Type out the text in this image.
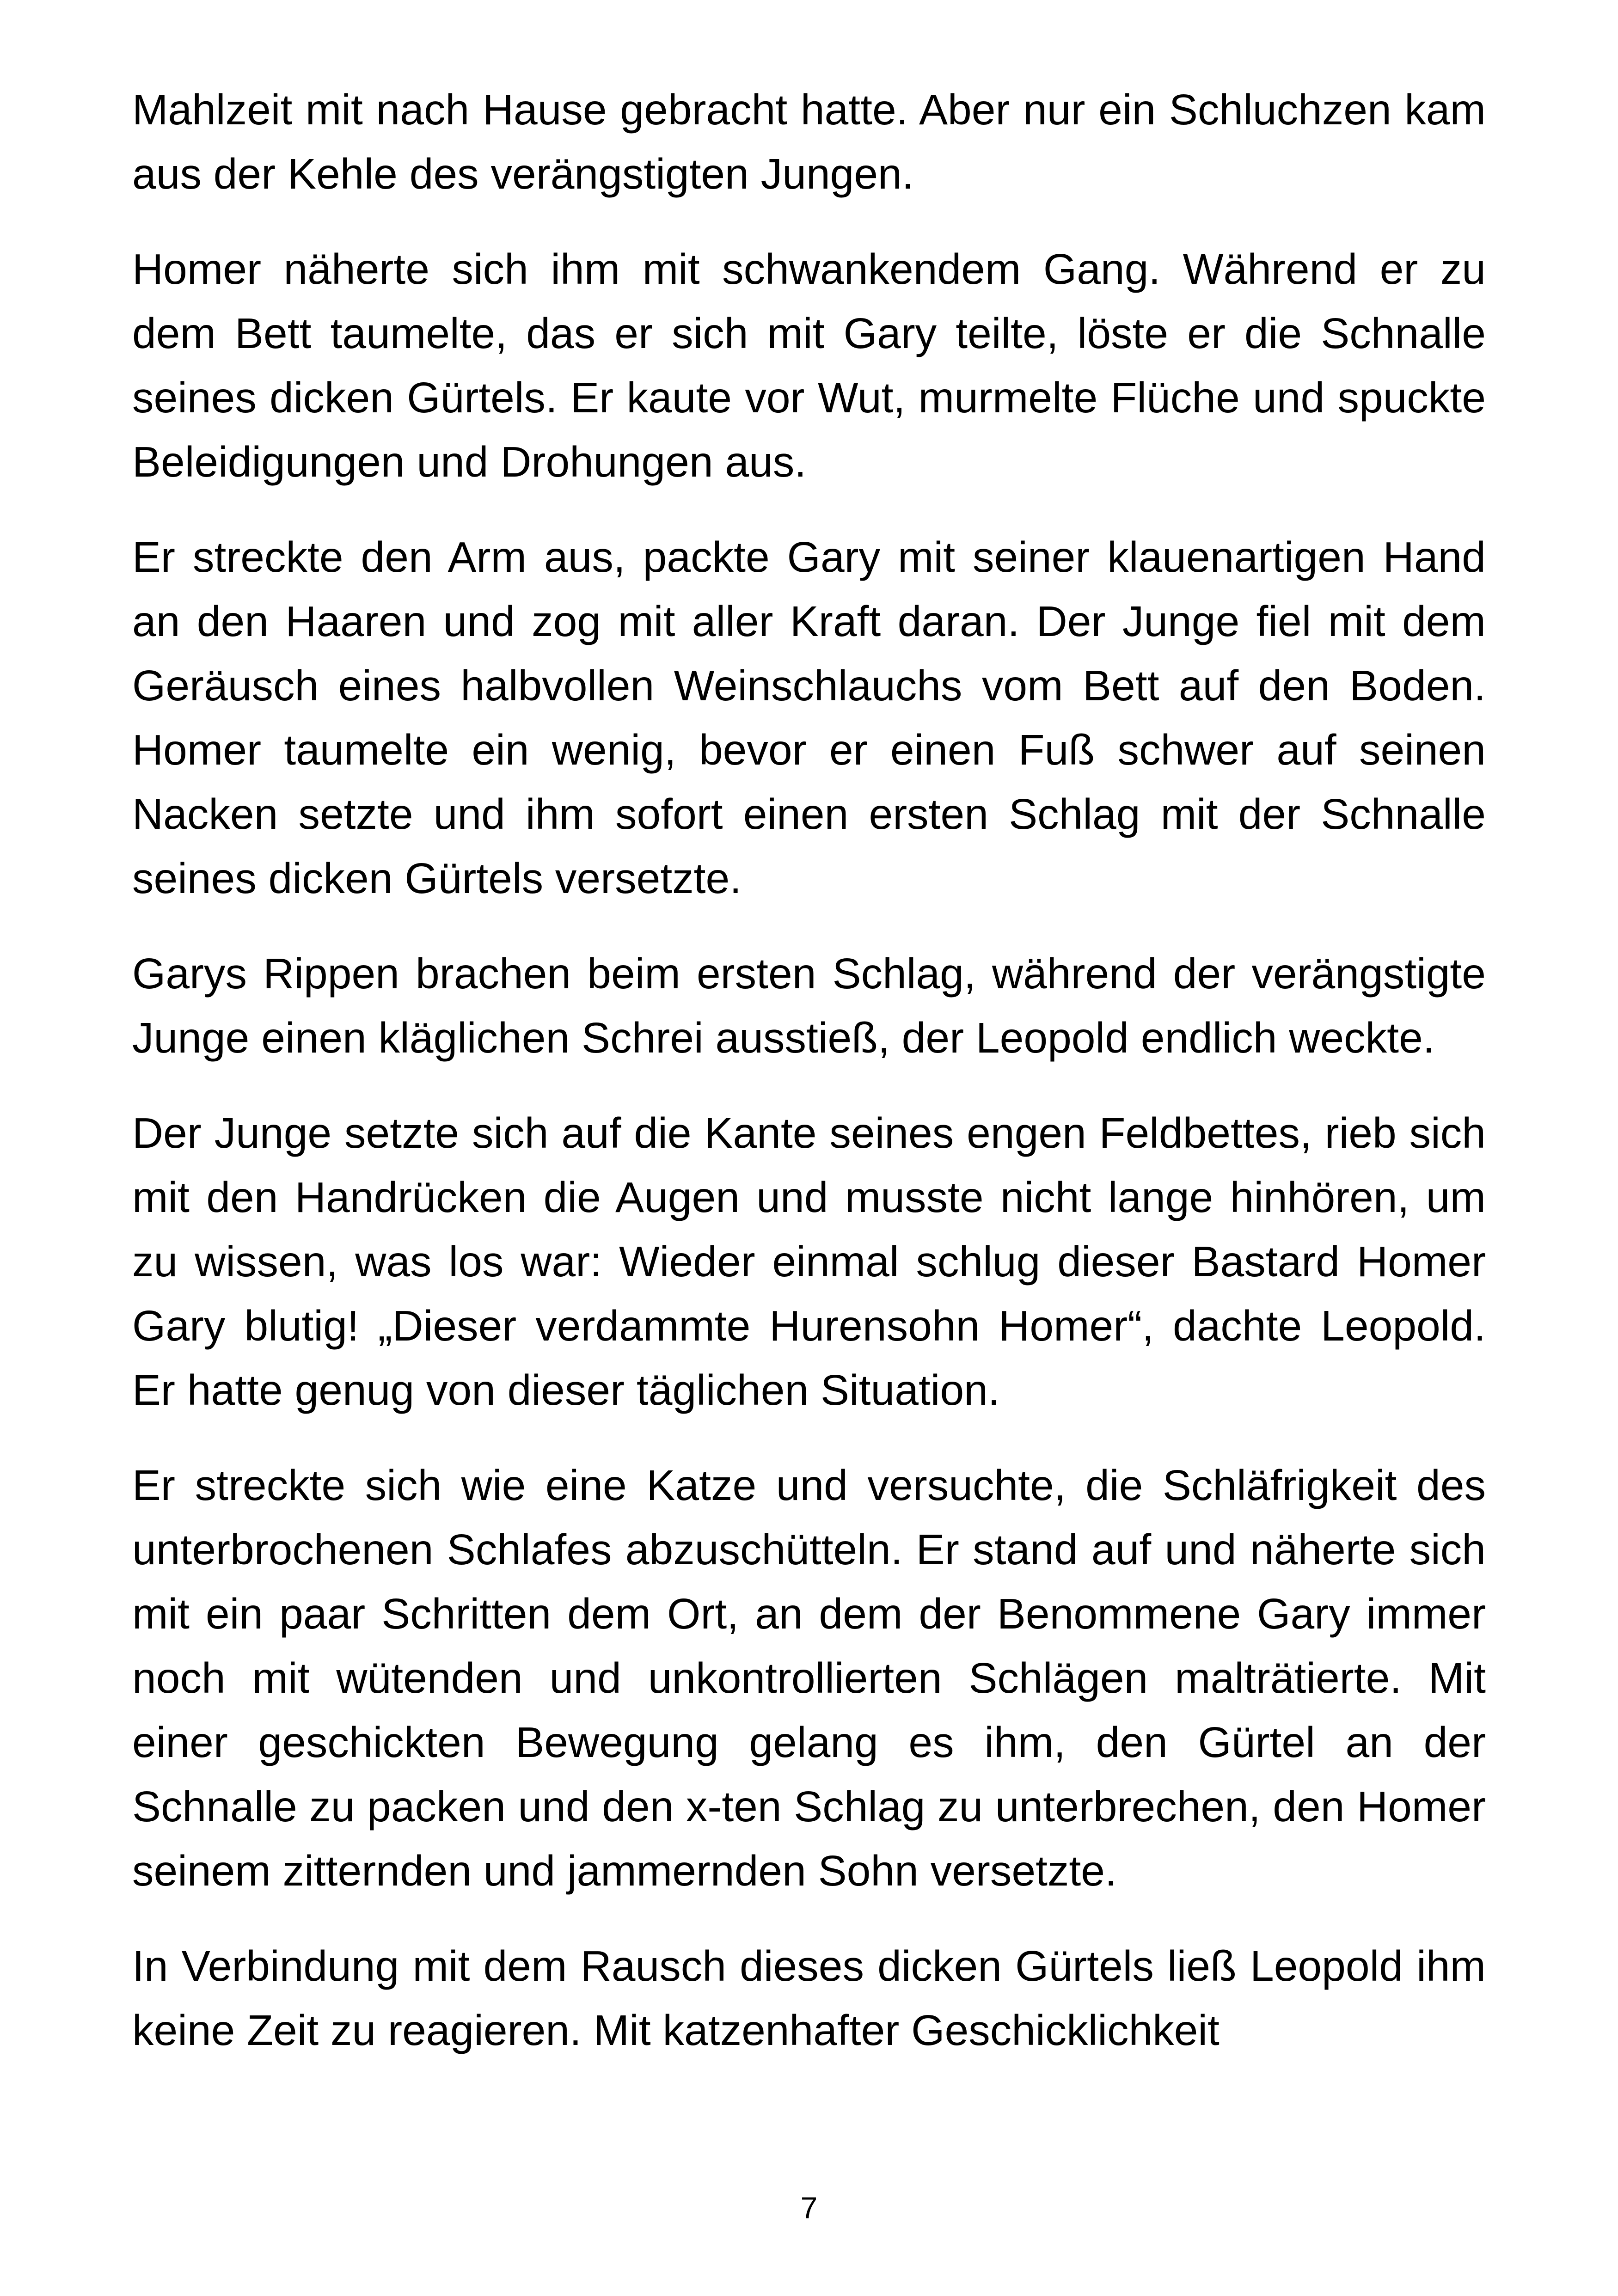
Mahlzeit mit nach Hause gebracht hatte. Aber nur ein Schluchzen kam aus der Kehle des verängstigten Jungen.

Homer näherte sich ihm mit schwankendem Gang. Während er zu dem Bett taumelte, das er sich mit Gary teilte, löste er die Schnalle seines dicken Gürtels. Er kaute vor Wut, murmelte Flüche und spuckte Beleidigungen und Drohungen aus.

Er streckte den Arm aus, packte Gary mit seiner klauenartigen Hand an den Haaren und zog mit aller Kraft daran. Der Junge fiel mit dem Geräusch eines halbvollen Weinschlauchs vom Bett auf den Boden. Homer taumelte ein wenig, bevor er einen Fuß schwer auf seinen Nacken setzte und ihm sofort einen ersten Schlag mit der Schnalle seines dicken Gürtels versetzte.

Garys Rippen brachen beim ersten Schlag, während der verängstigte Junge einen kläglichen Schrei ausstieß, der Leopold endlich weckte.

Der Junge setzte sich auf die Kante seines engen Feldbettes, rieb sich mit den Handrücken die Augen und musste nicht lange hinhören, um zu wissen, was los war: Wieder einmal schlug dieser Bastard Homer Gary blutig! „Dieser verdammte Hurensohn Homer“, dachte Leopold. Er hatte genug von dieser täglichen Situation.

Er streckte sich wie eine Katze und versuchte, die Schläfrigkeit des unterbrochenen Schlafes abzuschütteln. Er stand auf und näherte sich mit ein paar Schritten dem Ort, an dem der Benommene Gary immer noch mit wütenden und unkontrollierten Schlägen malträtierte. Mit einer geschickten Bewegung gelang es ihm, den Gürtel an der Schnalle zu packen und den x-ten Schlag zu unterbrechen, den Homer seinem zitternden und jammernden Sohn versetzte.

In Verbindung mit dem Rausch dieses dicken Gürtels ließ Leopold ihm keine Zeit zu reagieren. Mit katzenhafter Geschicklichkeit

7
